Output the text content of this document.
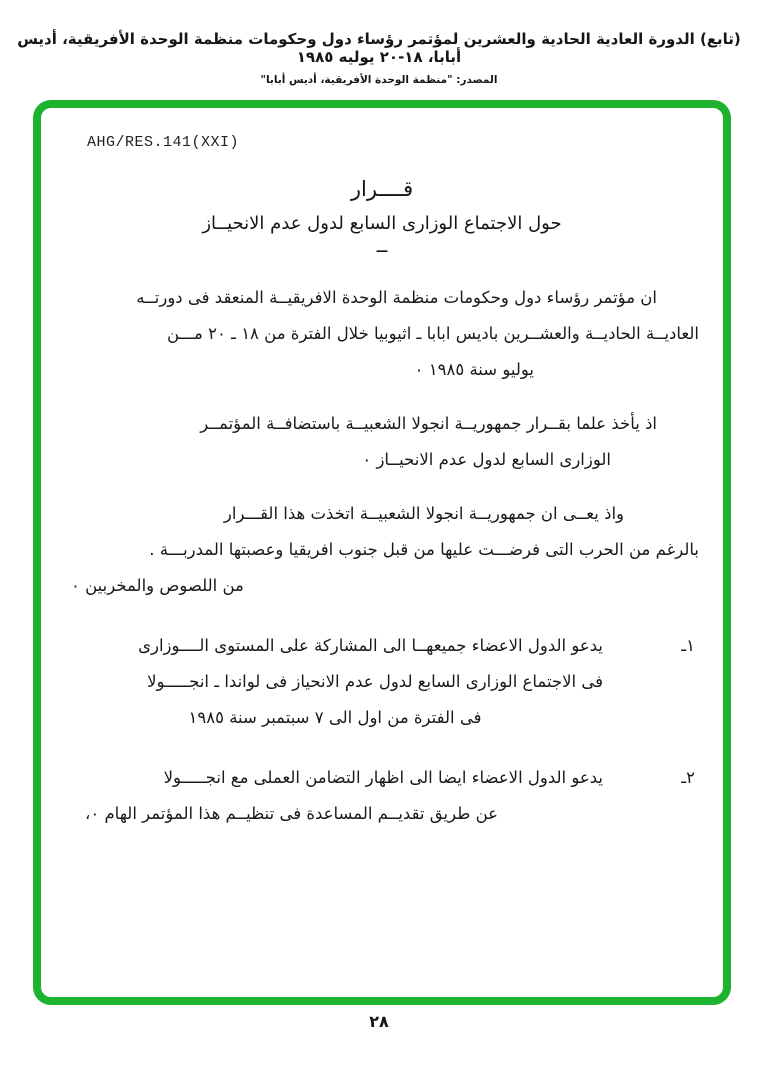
(تابع) الدورة العادية الحادية والعشرين لمؤتمر رؤساء دول وحكومات منظمة الوحدة الأفريقية، أديس أبابا، ١٨-٢٠ يوليه ١٩٨٥
المصدر: "منظمة الوحدة الأفريقية، أديس أبابا"
AHG/RES.141(XXI)
قــــرار
حول الاجتماع الوزارى السابع لدول عدم الانحيــاز
ــ

ان مؤتمر رؤساء دول وحكومات منظمة الوحدة الافريقيــة المنعقد فى دورتــه
العاديــة الحاديــة والعشــرين باديس ابابا ـ اثيوبيا خلال الفترة من ١٨ ـ ٢٠ مـــن
يوليو سنة ١٩٨٥ ٠

اذ يأخذ علما بقــرار جمهوريــة انجولا الشعبيــة باستضافــة المؤتمــر
الوزارى السابع لدول عدم الانحيــاز ٠

واذ يعــى ان جمهوريــة انجولا الشعبيــة اتخذت هذا القـــرار
بالرغم من الحرب التى فرضـــت عليها من قبل جنوب افريقيا وعصبتها المدربـــة .
من اللصوص والمخربين ٠

١ـ
يدعو الدول الاعضاء جميعهــا الى المشاركة على المستوى الــــوزارى
فى الاجتماع الوزارى السابع لدول عدم الانحياز فى لواندا ـ انجـــــولا
فى الفترة من اول الى ٧ سبتمبر سنة ١٩٨٥
٢ـ
يدعو الدول الاعضاء ايضا الى اظهار التضامن العملى مع انجـــــولا
عن طريق تقديــم المساعدة فى تنظيــم هذا المؤتمر الهام ٠،
٢٨
